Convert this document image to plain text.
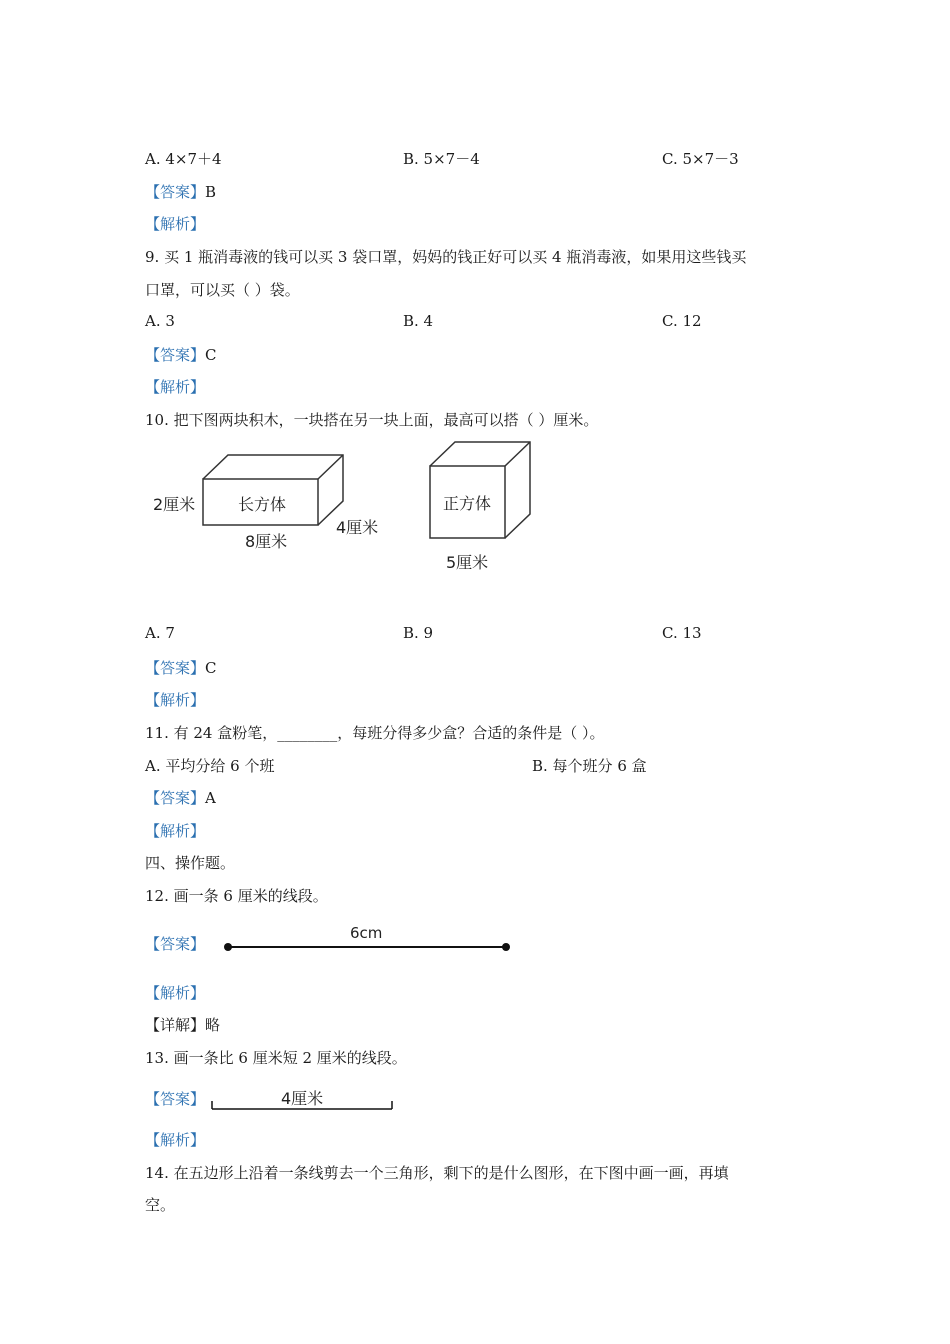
A. 4×7＋4	B. 5×7－4	C. 5×7－3
【答案】B
【解析】
9. 买 1 瓶消毒液的钱可以买 3 袋口罩，妈妈的钱正好可以买 4 瓶消毒液，如果用这些钱买
口罩，可以买（ ）袋。
A. 3	B. 4	C. 12
【答案】C
【解析】
10. 把下图两块积木，一块搭在另一块上面，最高可以搭（ ）厘米。
长方体
2厘米
8厘米
4厘米
正方体
5厘米
A. 7	B. 9	C. 13
【答案】C
【解析】
11. 有 24 盒粉笔，________，每班分得多少盒？合适的条件是（ ）。
A. 平均分给 6 个班	B. 每个班分 6 盒
【答案】A
【解析】
四、操作题。
12. 画一条 6 厘米的线段。
【答案】
6cm
【解析】
【详解】略
13. 画一条比 6 厘米短 2 厘米的线段。
【答案】	4厘米
【解析】
14. 在五边形上沿着一条线剪去一个三角形，剩下的是什么图形，在下图中画一画，再填
空。
